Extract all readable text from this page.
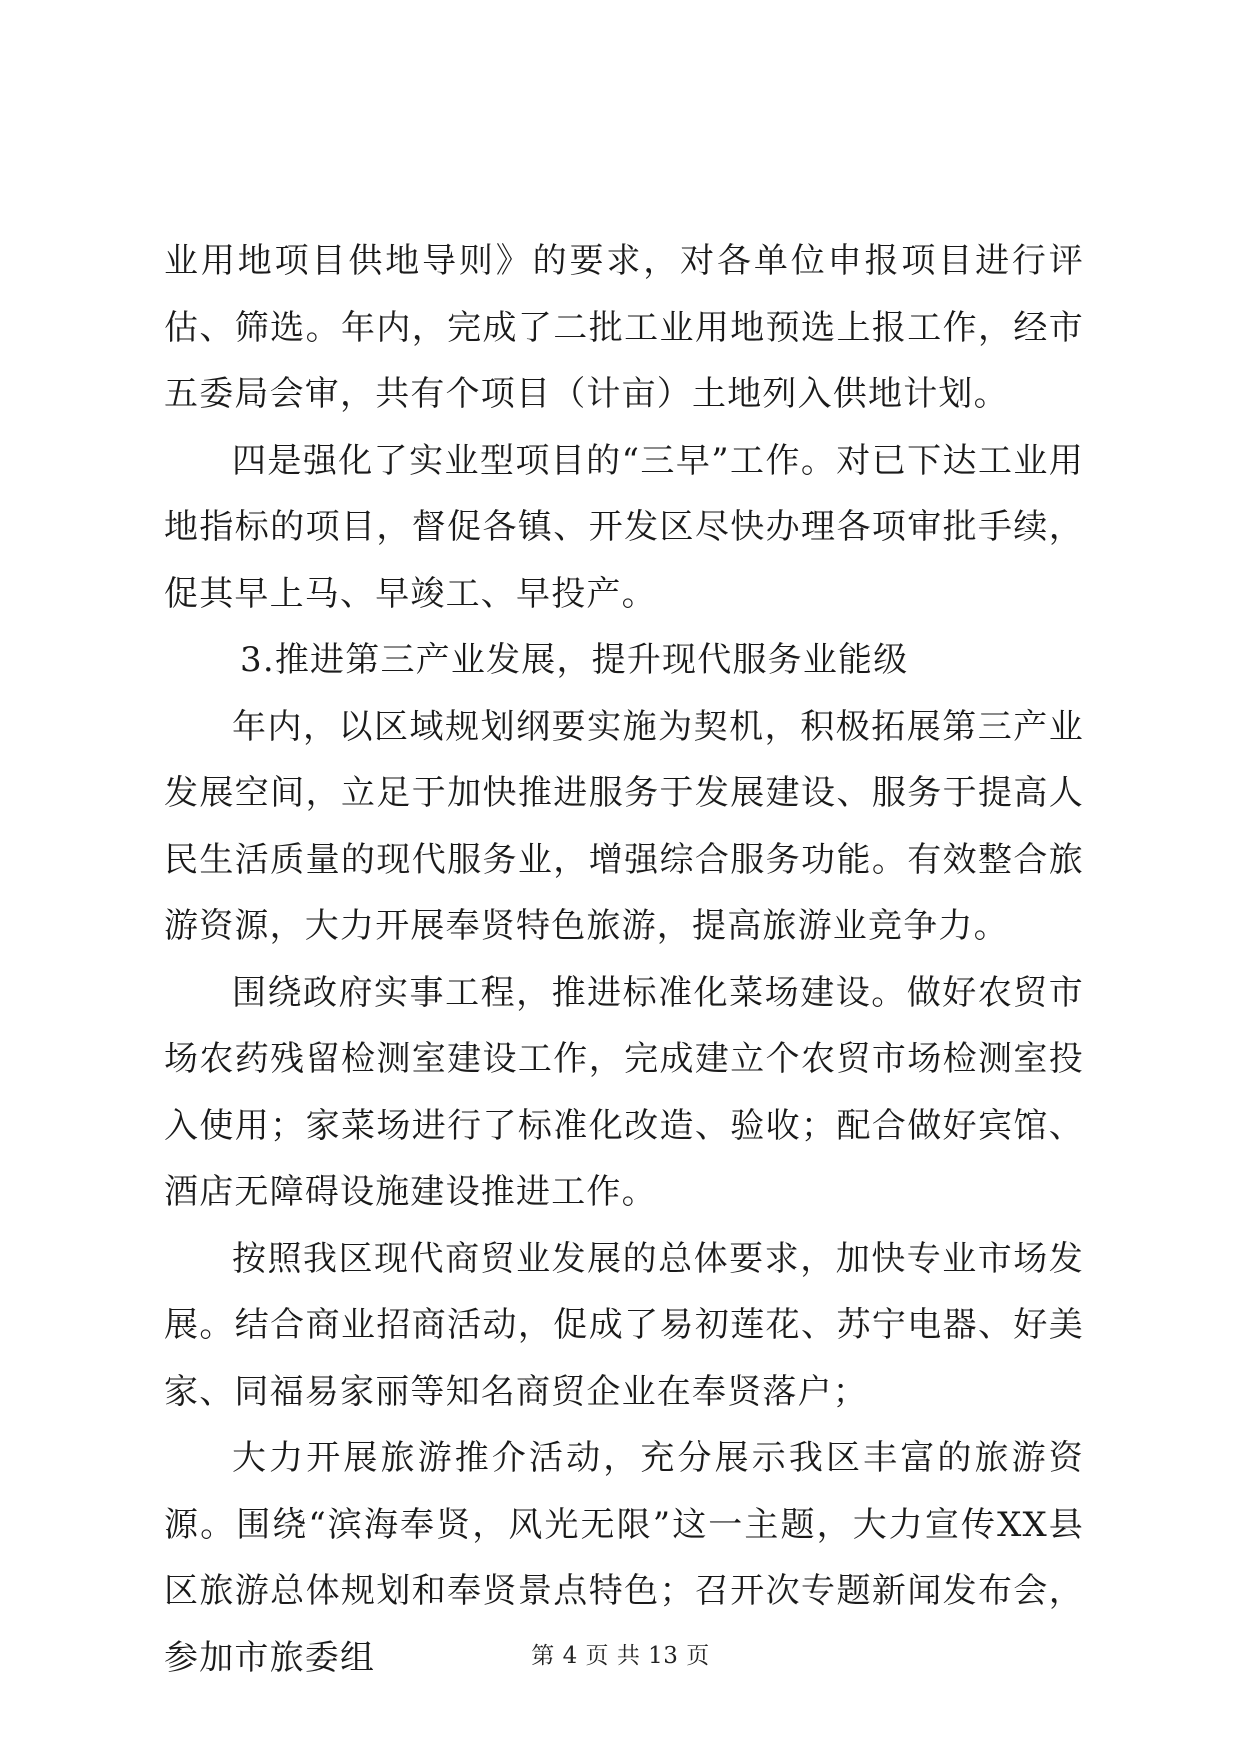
业用地项目供地导则》的要求，对各单位申报项目进行评估、筛选。年内，完成了二批工业用地预选上报工作，经市五委局会审，共有个项目（计亩）土地列入供地计划。

四是强化了实业型项目的“三早”工作。对已下达工业用地指标的项目，督促各镇、开发区尽快办理各项审批手续，促其早上马、早竣工、早投产。

3.推进第三产业发展，提升现代服务业能级

年内，以区域规划纲要实施为契机，积极拓展第三产业发展空间，立足于加快推进服务于发展建设、服务于提高人民生活质量的现代服务业，增强综合服务功能。有效整合旅游资源，大力开展奉贤特色旅游，提高旅游业竞争力。

围绕政府实事工程，推进标准化菜场建设。做好农贸市场农药残留检测室建设工作，完成建立个农贸市场检测室投入使用；家菜场进行了标准化改造、验收；配合做好宾馆、酒店无障碍设施建设推进工作。

按照我区现代商贸业发展的总体要求，加快专业市场发展。结合商业招商活动，促成了易初莲花、苏宁电器、好美家、同福易家丽等知名商贸企业在奉贤落户；

大力开展旅游推介活动，充分展示我区丰富的旅游资源。围绕“滨海奉贤，风光无限”这一主题，大力宣传XX县区旅游总体规划和奉贤景点特色；召开次专题新闻发布会，参加市旅委组	第 4 页 共 13 页
